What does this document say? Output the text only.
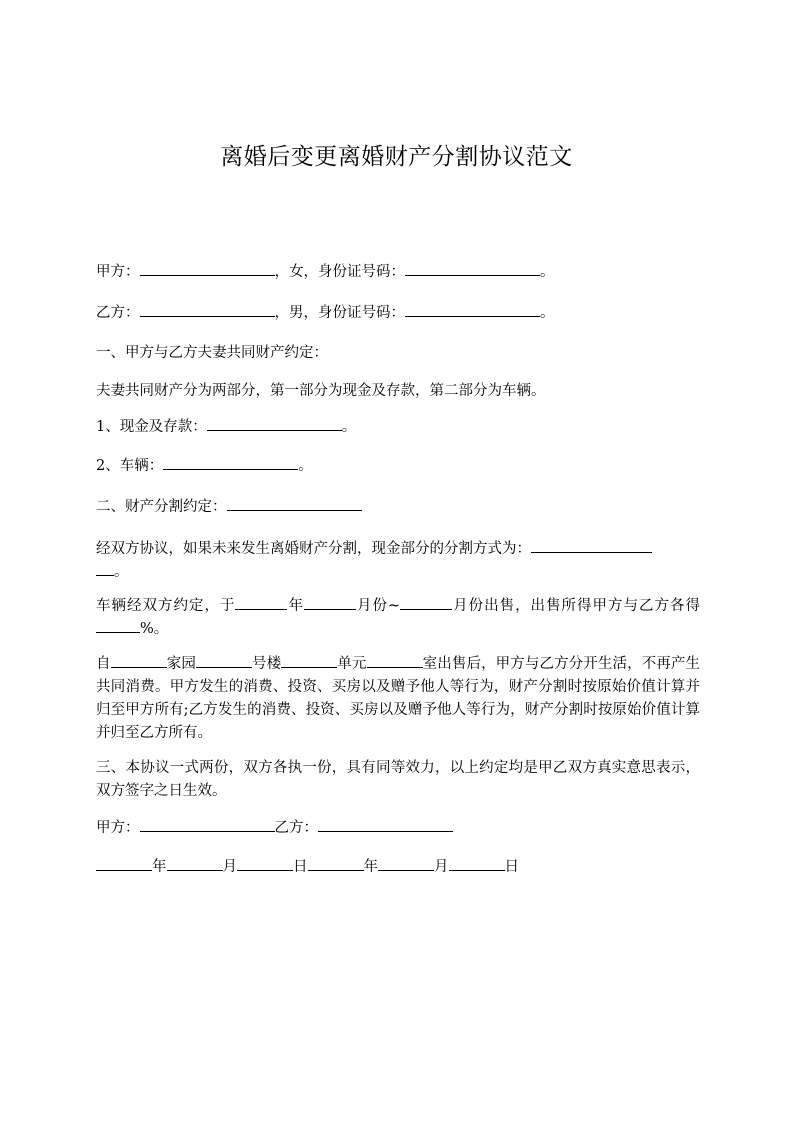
离婚后变更离婚财产分割协议范文
甲方：	，女，身份证号码：	。
乙方：	，男，身份证号码：	。
一、甲方与乙方夫妻共同财产约定：
夫妻共同财产分为两部分，第一部分为现金及存款，第二部分为车辆。
1、现金及存款：	。
2、车辆：	。
二、财产分割约定：
经双方协议，如果未来发生离婚财产分割，现金部分的分割方式为：
。
车辆经双方约定，于	年	月份~	月份出售，出售所得甲方与乙方各得%。
自	家园	号楼	单元	室出售后，甲方与乙方分开生活，不再产生共同消费。甲方发生的消费、投资、买房以及赠予他人等行为，财产分割时按原始价值计算并归至甲方所有;乙方发生的消费、投资、买房以及赠予他人等行为，财产分割时按原始价值计算并归至乙方所有。
三、本协议一式两份，双方各执一份，具有同等效力，以上约定均是甲乙双方真实意思表示，双方签字之日生效。
甲方：	乙方：
年	月	日	年	月	日
